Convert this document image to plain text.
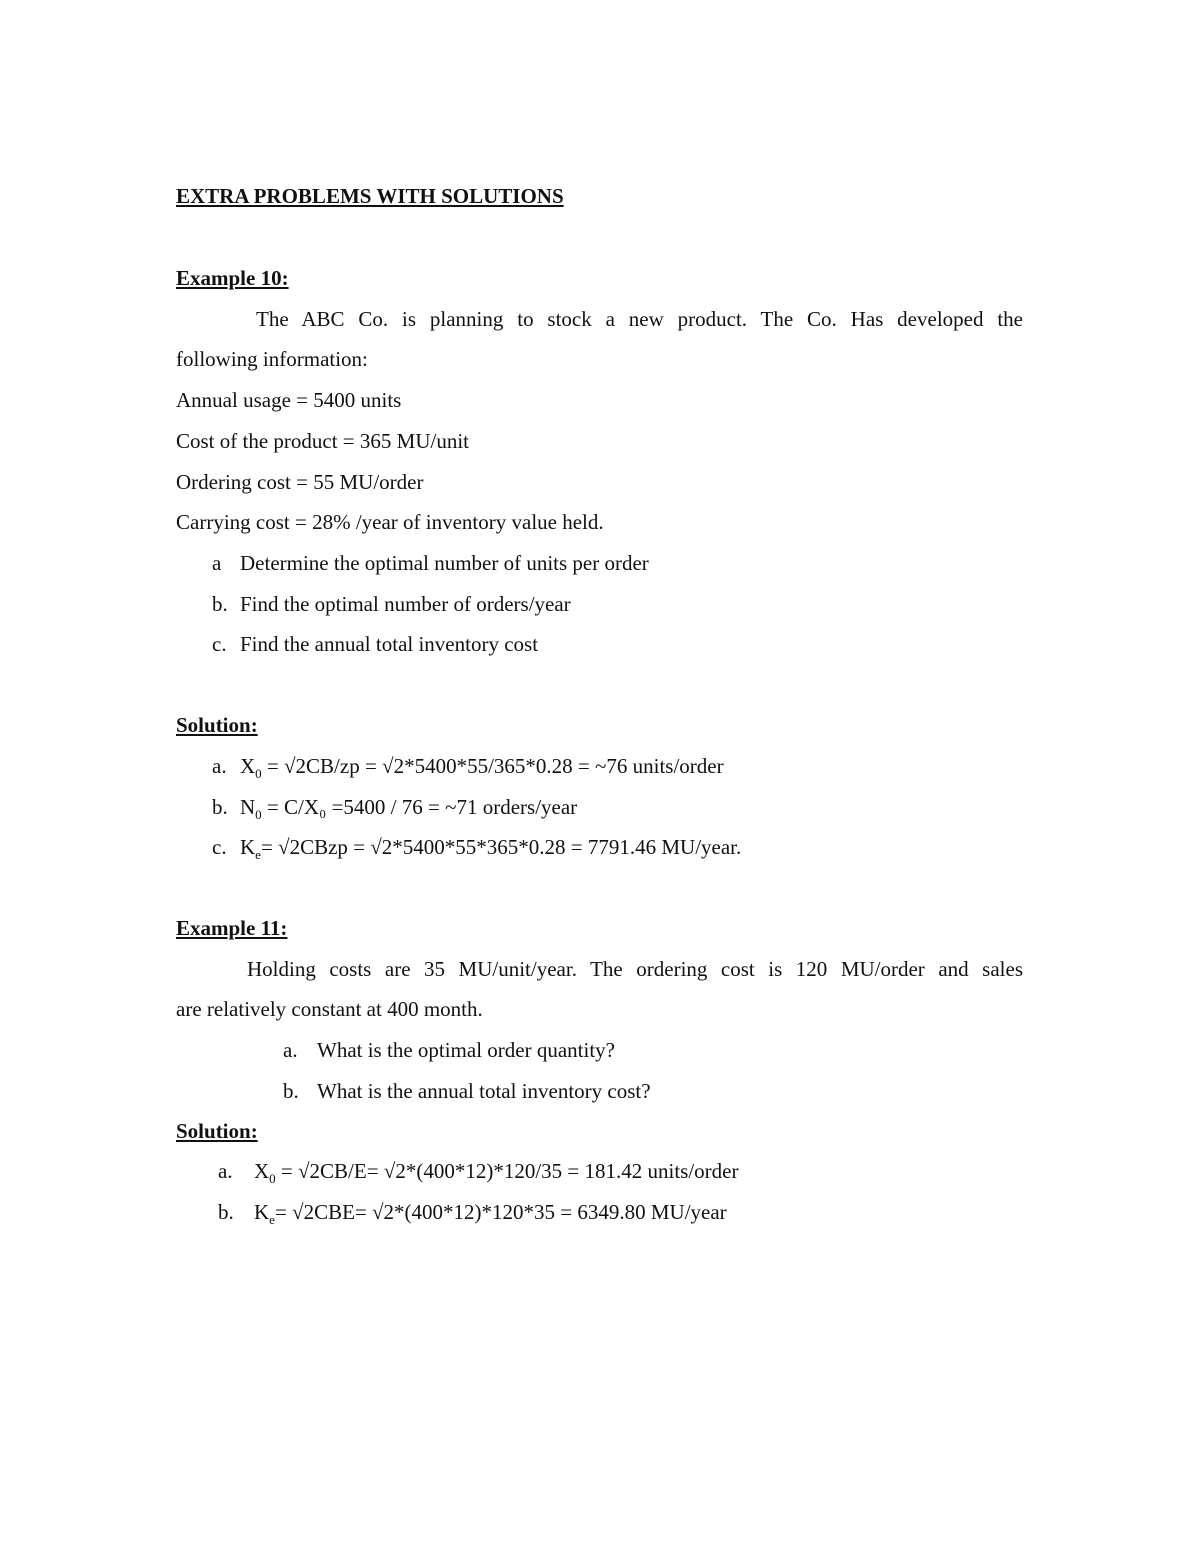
EXTRA PROBLEMS WITH SOLUTIONS
Example 10:
The ABC Co. is planning to stock a new product. The Co. Has developed the
following information:
Annual usage = 5400 units
Cost of the product = 365 MU/unit
Ordering cost = 55 MU/order
Carrying cost = 28% /year of inventory value held.
a Determine the optimal number of units per order
b. Find the optimal number of orders/year
c. Find the annual total inventory cost
Solution:
a. $X_0 = √2CB/zp = √2*5400*55/365*0.28$ = ~76 units/order
b. $N_0 = C/X_0 =5400 / 76$ = ~71 orders/year
c. $K_e=$ √2CBzp = √2*5400*55*365*0.28 = 7791.46 MU/year.
Example 11:
Holding costs are 35 MU/unit/year. The ordering cost is 120 MU/order and sales
are relatively constant at 400 month.
a. What is the optimal order quantity?
b. What is the annual total inventory cost?
Solution:
a. $X_0 = √2CB/E= √2*(400*12)*120/35 = 181.42$ units/order
b. $K_e= √2CBE= √2*(400*12)*120*35 = 6349.80$ MU/year
